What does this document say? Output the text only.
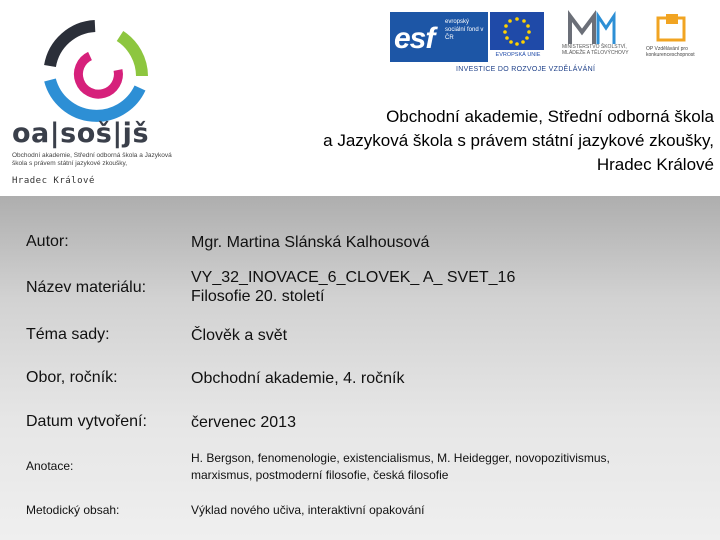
oa|soš|jš
Obchodní akademie, Střední odborná škola a Jazyková škola s právem státní jazykové zkoušky,
Hradec Králové
esf evropský sociální fond v ČR
EVROPSKÁ UNIE
MINISTERSTVO ŠKOLSTVÍ, MLÁDEŽE A TĚLOVÝCHOVY
OP Vzdělávání pro konkurenceschopnost
INVESTICE DO ROZVOJE VZDĚLÁVÁNÍ
Obchodní akademie, Střední odborná škola
a Jazyková škola s právem státní jazykové zkoušky,
Hradec Králové
Autor:	Mgr. Martina Slánská Kalhousová
Název materiálu:
VY_32_INOVACE_6_CLOVEK_ A_ SVET_16
Filosofie 20. století
Téma sady:	Člověk a svět
Obor, ročník:	Obchodní akademie, 4. ročník
Datum vytvoření:	červenec 2013
Anotace:
H. Bergson, fenomenologie, existencialismus, M. Heidegger, novopozitivismus,
marxismus, postmoderní filosofie, česká filosofie
Metodický obsah:	Výklad nového učiva, interaktivní opakování
